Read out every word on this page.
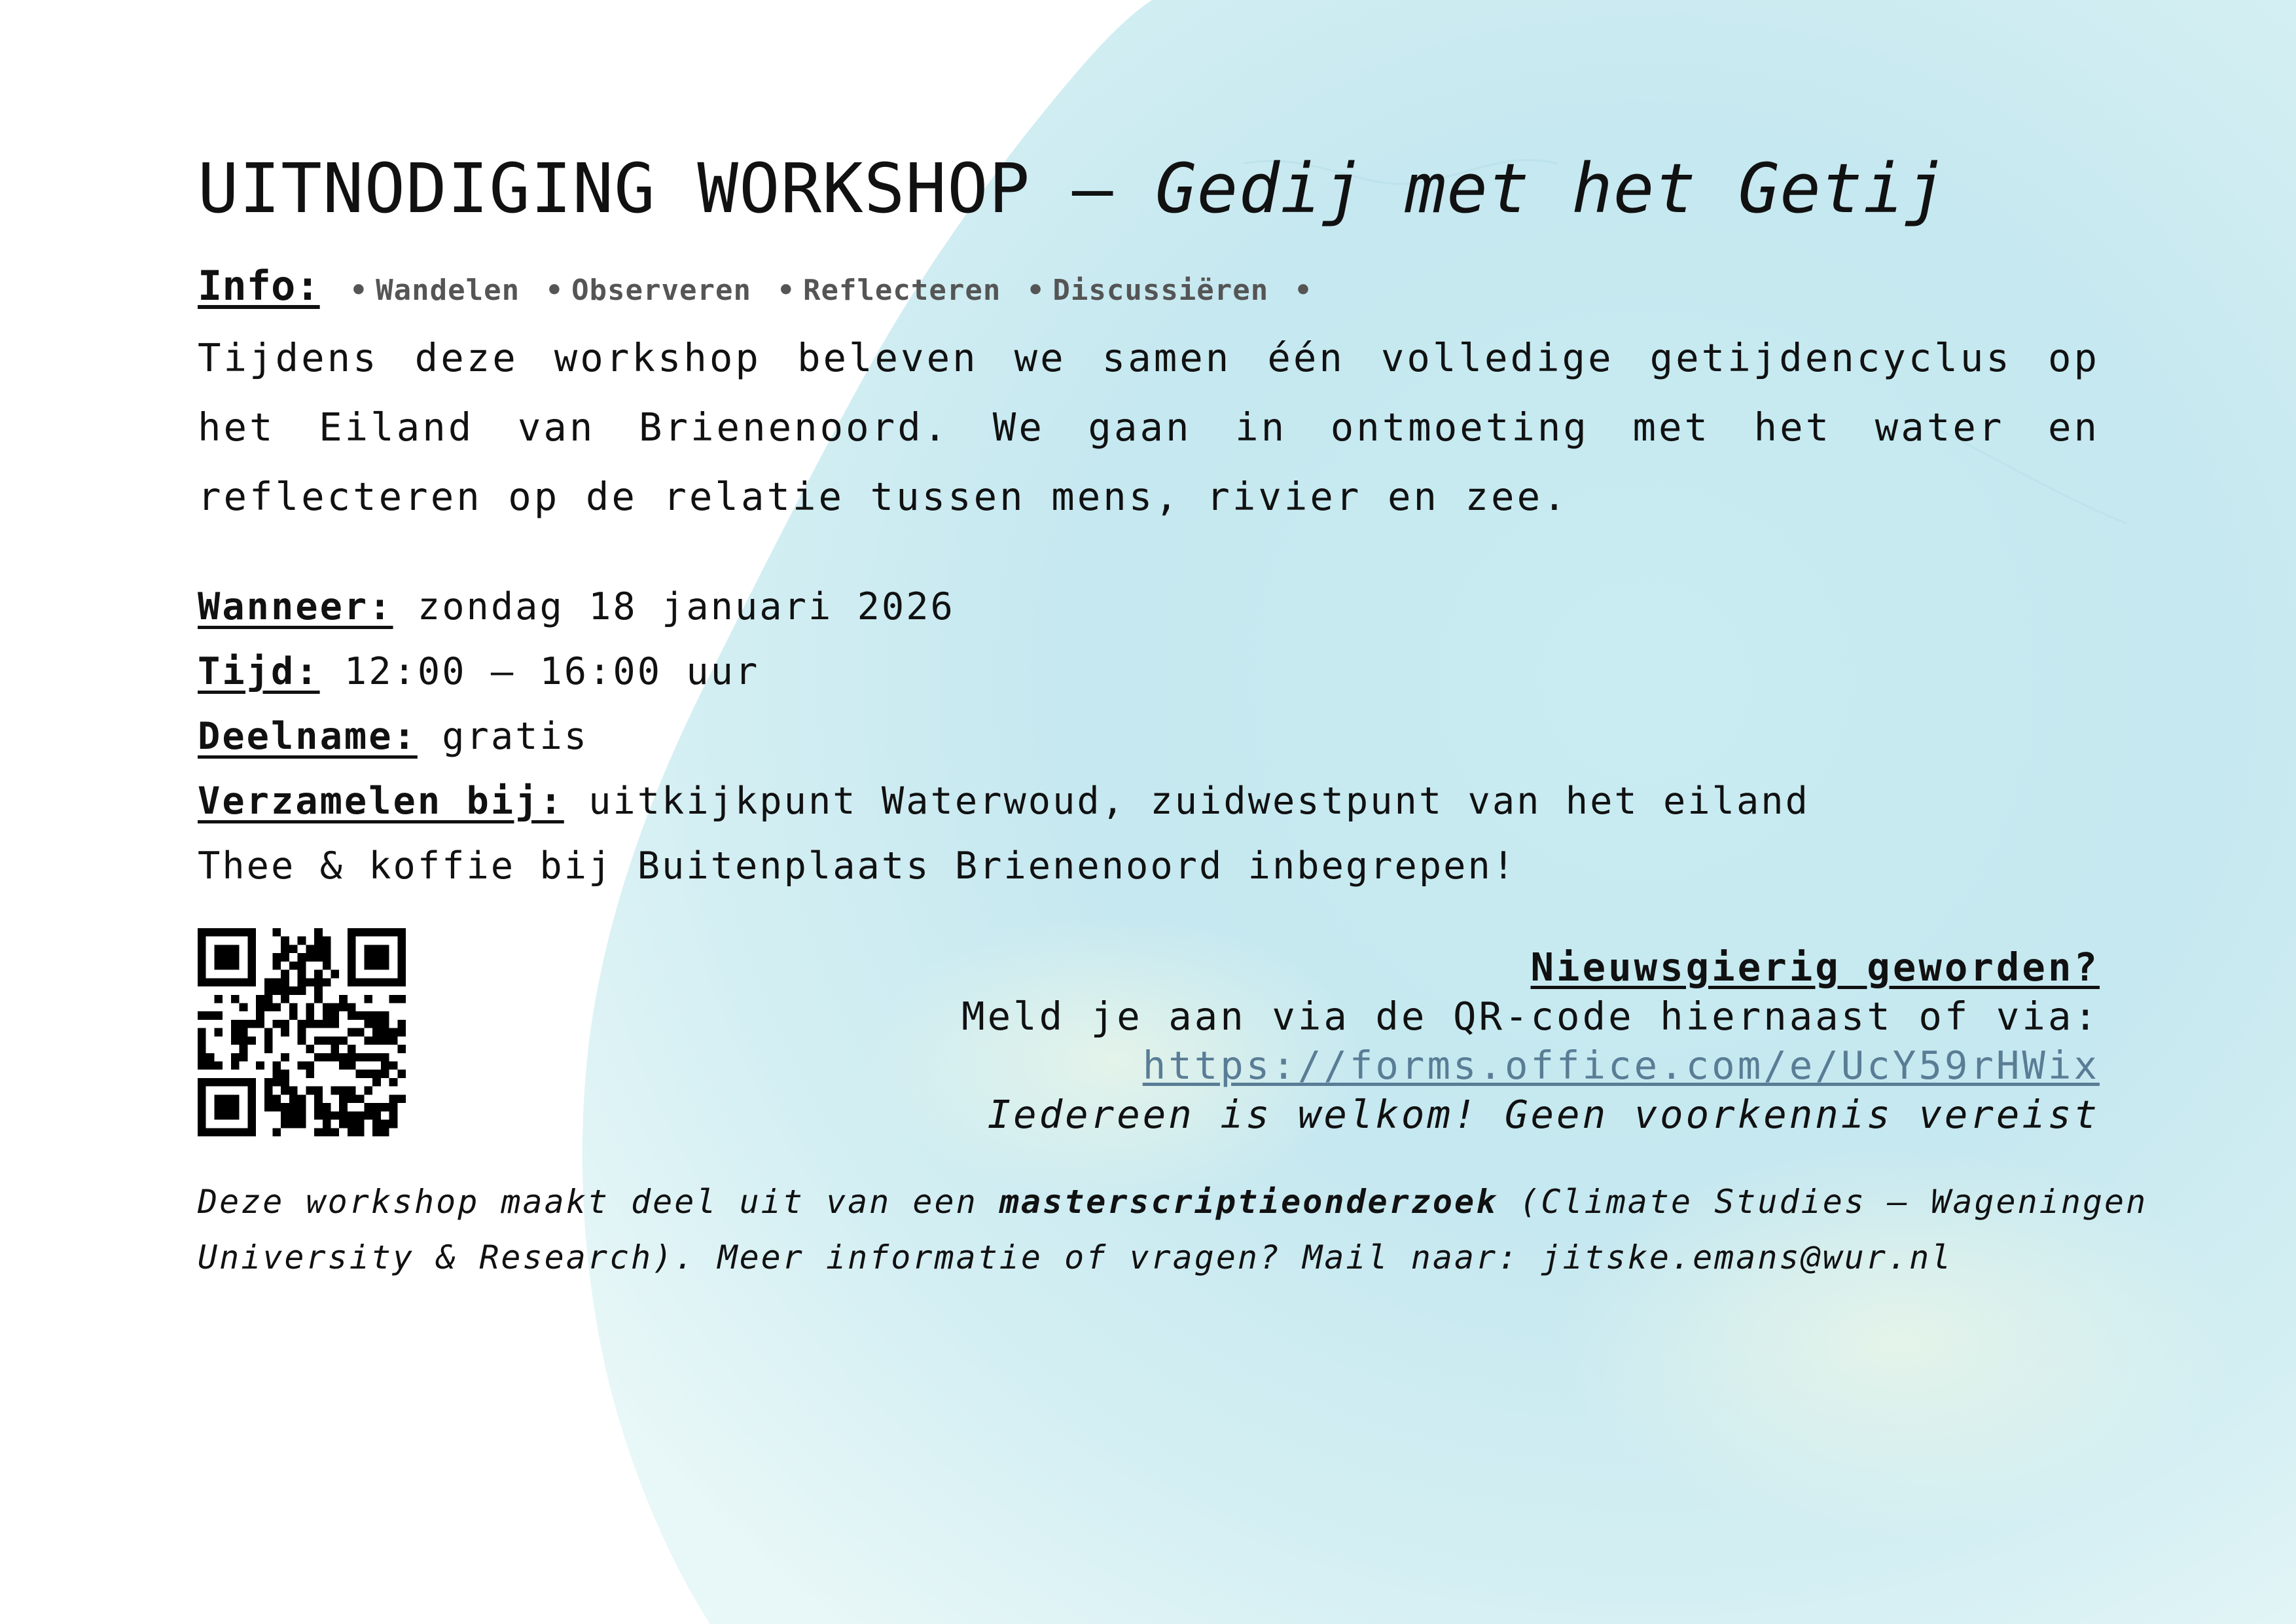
UITNODIGING WORKSHOP – Gedij met het Getij
Info: • Wandelen • Observeren • Reflecteren • Discussiëren •
Tijdens deze workshop beleven we samen één volledige getijdencyclus op het Eiland van Brienenoord. We gaan in ontmoeting met het water en reflecteren op de relatie tussen mens, rivier en zee.
Wanneer: zondag 18 januari 2026
Tijd: 12:00 – 16:00 uur
Deelname: gratis
Verzamelen bij: uitkijkpunt Waterwoud, zuidwestpunt van het eiland
Thee & koffie bij Buitenplaats Brienenoord inbegrepen!
Nieuwsgierig geworden?
Meld je aan via de QR-code hiernaast of via:
https://forms.office.com/e/UcY59rHWix
Iedereen is welkom! Geen voorkennis vereist
Deze workshop maakt deel uit van een masterscriptieonderzoek (Climate Studies – Wageningen
University & Research). Meer informatie of vragen? Mail naar: jitske.emans@wur.nl
